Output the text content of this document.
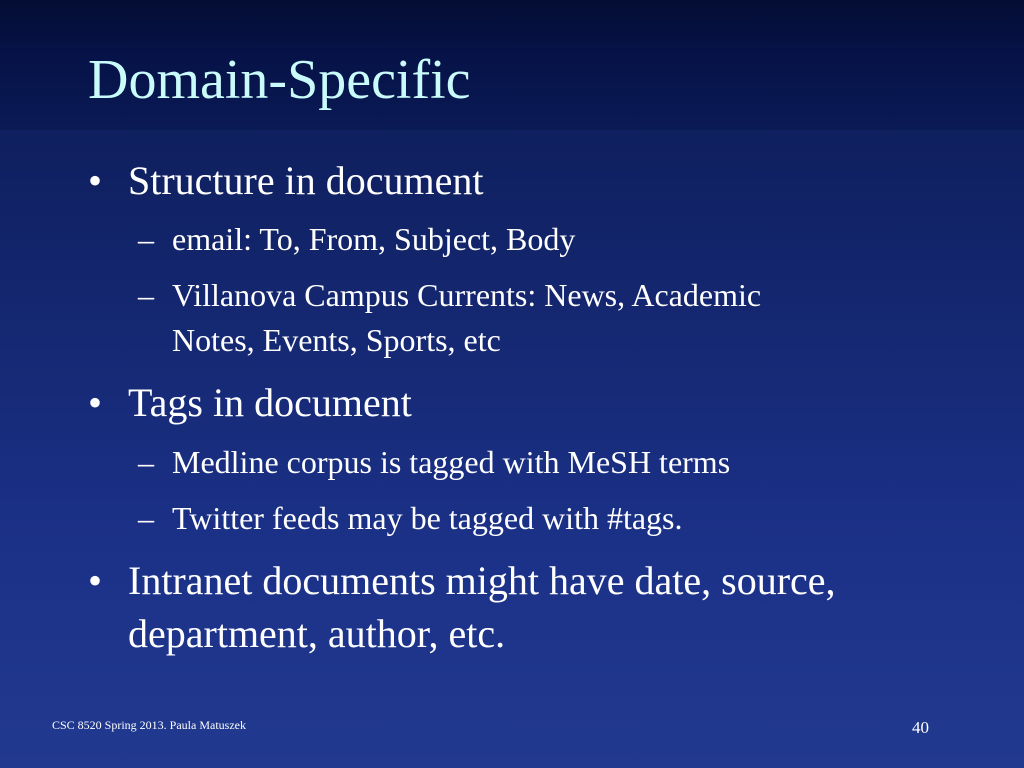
Domain-Specific
• Structure in document
– email: To, From, Subject, Body
– Villanova Campus Currents: News, Academic
Notes, Events, Sports, etc
• Tags in document
– Medline corpus is tagged with MeSH terms
– Twitter feeds may be tagged with #tags.
• Intranet documents might have date, source,
department, author, etc.
CSC 8520 Spring 2013. Paula Matuszek	40
